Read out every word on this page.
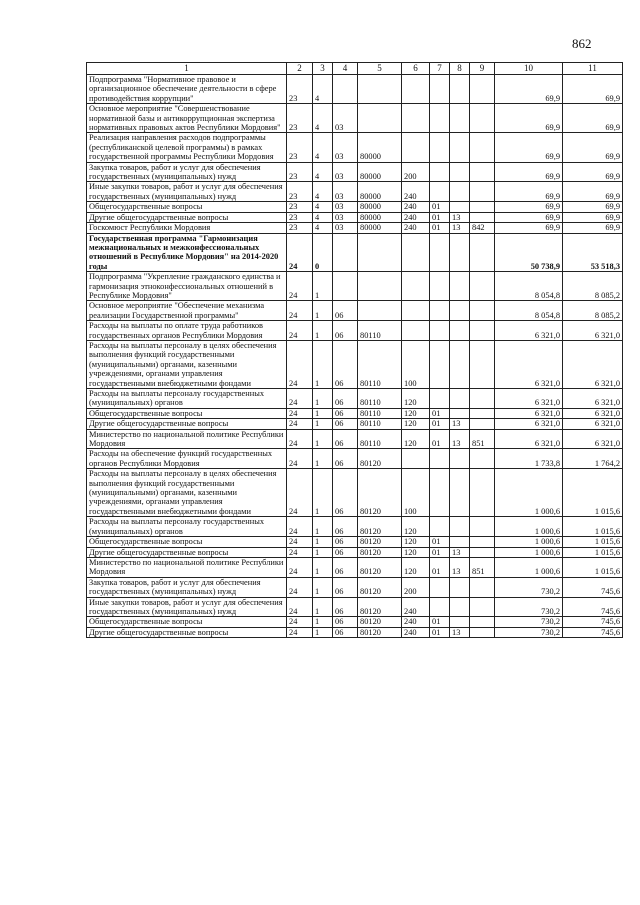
862
1	2	3	4	5	6	7	8	9	10	11
Подпрограмма "Нормативное правовое и организационное обеспечение деятельности в сфере противодействия коррупции"	23	4							69,9	69,9
Основное мероприятие "Совершенствование нормативной базы и антикоррупционная экспертиза нормативных правовых актов Республики Мордовия"	23	4	03						69,9	69,9
Реализация направления расходов подпрограммы (республиканской целевой программы) в рамках государственной программы Республики Мордовия	23	4	03	80000					69,9	69,9
Закупка товаров, работ и услуг для обеспечения государственных (муниципальных) нужд	23	4	03	80000	200				69,9	69,9
Иные закупки товаров, работ и услуг для обеспечения государственных (муниципальных) нужд	23	4	03	80000	240				69,9	69,9
Общегосударственные вопросы	23	4	03	80000	240	01			69,9	69,9
Другие общегосударственные вопросы	23	4	03	80000	240	01	13		69,9	69,9
Госкомюст Республики Мордовия	23	4	03	80000	240	01	13	842	69,9	69,9
Государственная программа "Гармонизация межнациональных и межконфессиональных отношений в Республике Мордовия" на 2014-2020 годы	24	0							50 738,9	53 518,3
Подпрограмма "Укрепление гражданского единства и гармонизация этноконфессиональных отношений в Республике Мордовия"	24	1							8 054,8	8 085,2
Основное мероприятие "Обеспечение механизма реализации Государственной программы"	24	1	06						8 054,8	8 085,2
Расходы на выплаты по оплате труда работников государственных органов Республики Мордовия	24	1	06	80110					6 321,0	6 321,0
Расходы на выплаты персоналу в целях обеспечения выполнения функций государственными (муниципальными) органами, казенными учреждениями, органами управления государственными внебюджетными фондами	24	1	06	80110	100				6 321,0	6 321,0
Расходы на выплаты персоналу государственных (муниципальных) органов	24	1	06	80110	120				6 321,0	6 321,0
Общегосударственные вопросы	24	1	06	80110	120	01			6 321,0	6 321,0
Другие общегосударственные вопросы	24	1	06	80110	120	01	13		6 321,0	6 321,0
Министерство по национальной политике Республики Мордовия	24	1	06	80110	120	01	13	851	6 321,0	6 321,0
Расходы на обеспечение функций государственных органов Республики Мордовия	24	1	06	80120					1 733,8	1 764,2
Расходы на выплаты персоналу в целях обеспечения выполнения функций государственными (муниципальными) органами, казенными учреждениями, органами управления государственными внебюджетными фондами	24	1	06	80120	100				1 000,6	1 015,6
Расходы на выплаты персоналу государственных (муниципальных) органов	24	1	06	80120	120				1 000,6	1 015,6
Общегосударственные вопросы	24	1	06	80120	120	01			1 000,6	1 015,6
Другие общегосударственные вопросы	24	1	06	80120	120	01	13		1 000,6	1 015,6
Министерство по национальной политике Республики Мордовия	24	1	06	80120	120	01	13	851	1 000,6	1 015,6
Закупка товаров, работ и услуг для обеспечения государственных (муниципальных) нужд	24	1	06	80120	200				730,2	745,6
Иные закупки товаров, работ и услуг для обеспечения государственных (муниципальных) нужд	24	1	06	80120	240				730,2	745,6
Общегосударственные вопросы	24	1	06	80120	240	01			730,2	745,6
Другие общегосударственные вопросы	24	1	06	80120	240	01	13		730,2	745,6
